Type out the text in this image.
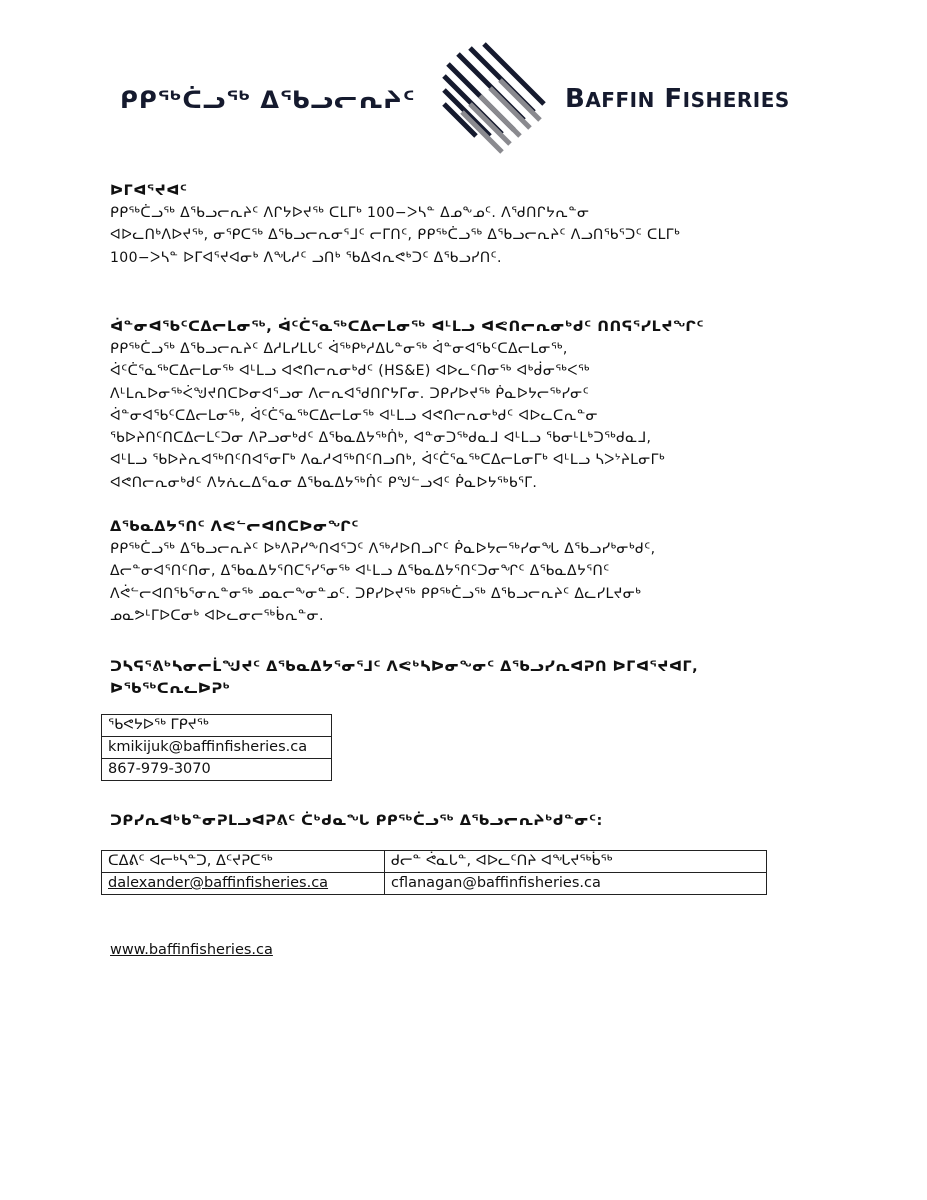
ᑭᑭᖅᑖᓗᖅ ᐃᖃᓗᓕᕆᔨᑦ	BAFFIN FISHERIES

ᐅᒥᐊᕐᔪᐊᑦ

ᑭᑭᖅᑖᓗᖅ ᐃᖃᓗᓕᕆᔨᑦ ᐱᒋᔭᐅᔪᖅ ᑕᒪᒥᒃ 100−ᐳᓴᓐ ᐃᓄᖕᓄᑦ. ᐱᖁᑎᒋᔭᕆᓐᓂ

ᐊᐅᓚᑎᒃᐱᐅᔪᖅ, ᓂᕿᑕᖅ ᐃᖃᓗᓕᕆᓂᕐᒧᑦ ᓕᒥᑎᑦ, ᑭᑭᖅᑖᓗᖅ ᐃᖃᓗᓕᕆᔨᑦ ᐱᓗᑎᖃᕐᑐᑦ ᑕᒪᒥᒃ

100−ᐳᓴᓐ ᐅᒥᐊᕐᔪᐊᓂᒃ ᐱᖓᓱᑦ ᓗᑎᒃ ᖃᐃᐊᕆᕙᒃᑐᑦ ᐃᖃᓗᓯᑎᑦ.

ᐋᓐᓂᐊᖃᑦᑕᐃᓕᒪᓂᖅ, ᐋᑦᑖᕐᓇᖅᑕᐃᓕᒪᓂᖅ ᐊᒻᒪᓗ ᐊᕙᑎᓕᕆᓂᒃᑯᑦ ᑎᑎᕋᕐᓯᒪᔪᖏᑦ

ᑭᑭᖅᑖᓗᖅ ᐃᖃᓗᓕᕆᔨᑦ ᐃᓱᒪᓯᒪᒐᑦ ᐋᖅᑭᒃᓱᐃᒐᓐᓂᖅ ᐋᓐᓂᐊᖃᑦᑕᐃᓕᒪᓂᖅ,

ᐋᑦᑖᕐᓇᖅᑕᐃᓕᒪᓂᖅ ᐊᒻᒪᓗ ᐊᕙᑎᓕᕆᓂᒃᑯᑦ (HS&E) ᐊᐅᓚᑦᑎᓂᖅ ᐊᒃᑰᓂᖅᐸᖅ

ᐱᒻᒪᕆᐅᓂᖅᐹᖑᔪᑎᑕᐅᓂᐊᕐᓗᓂ ᐱᓕᕆᐊᖁᑎᒋᔭᒥᓂ. ᑐᑭᓯᐅᔪᖅ ᑮᓇᐅᔭᓕᖅᓯᓂᑦ

ᐋᓐᓂᐊᖃᑦᑕᐃᓕᒪᓂᖅ, ᐋᑦᑖᕐᓇᖅᑕᐃᓕᒪᓂᖅ ᐊᒻᒪᓗ ᐊᕙᑎᓕᕆᓂᒃᑯᑦ ᐊᐅᓚᑕᕆᓐᓂ

ᖃᐅᔨᑎᑦᑎᑕᐃᓕᒪᑦᑐᓂ ᐱᕈᓗᓂᒃᑯᑦ ᐃᖃᓇᐃᔭᖅᑏᒃ, ᐊᓐᓂᑐᖅᑯᓇᒧ ᐊᒻᒪᓗ ᖃᓂᒻᒪᒃᑐᖅᑯᓇᒧ,

ᐊᒻᒪᓗ ᖃᐅᔨᕆᐊᖅᑎᑦᑎᐊᕐᓂᒥᒃ ᐱᓇᓱᐊᖅᑎᑦᑎᓗᑎᒃ, ᐋᑦᑖᕐᓇᖅᑕᐃᓕᒪᓂᒥᒃ ᐊᒻᒪᓗ ᓴᐳᔾᔨᒪᓂᒥᒃ

ᐊᕙᑎᓕᕆᓂᒃᑯᑦ ᐱᔭᕇᓚᐃᕐᓇᓂ ᐃᖃᓇᐃᔭᖅᑏᑦ ᑭᖑᓪᓗᐊᑦ ᑮᓇᐅᔭᖅᑲᕐᒥ.

ᐃᖃᓇᐃᔭᕐᑎᑦ ᐱᕙᓪᓕᐊᑎᑕᐅᓂᖏᑦ

ᑭᑭᖅᑖᓗᖅ ᐃᖃᓗᓕᕆᔨᑦ ᐅᒃᐱᕈᓯᖕᑎᐊᕐᑐᑦ ᐱᖅᓱᐅᑎᓗᒋᑦ ᑮᓇᐅᔭᓕᖅᓯᓂᖓ ᐃᖃᓗᓯᒃᓂᒃᑯᑦ,

ᐃᓕᓐᓂᐊᕐᑎᑦᑎᓂ, ᐃᖃᓇᐃᔭᕐᑎᑕᕐᓯᕐᓂᖅ ᐊᒻᒪᓗ ᐃᖃᓇᐃᔭᕐᑎᑦᑐᓂᖏᑦ ᐃᖃᓇᐃᔭᕐᑎᑦ

ᐱᕚᓪᓕᐊᑎᖃᕐᓂᕆᓐᓂᖅ ᓄᓇᓕᖕᓂᓐᓄᑦ. ᑐᑭᓯᐅᔪᖅ ᑭᑭᖅᑖᓗᖅ ᐃᖃᓗᓕᕆᔨᑦ ᐃᓚᓯᒪᔪᓂᒃ

ᓄᓇᕗᒻᒥᐅᑕᓂᒃ ᐊᐅᓚᓂᓕᖅᑳᕆᓐᓂ.

ᑐᓴᕋᕐᕕᒃᓴᓂᓕᒫᖑᔪᑦ ᐃᖃᓇᐃᔭᕐᓂᕐᒧᑦ ᐱᕙᒃᓴᐅᓂᖕᓂᑦ ᐃᖃᓗᓯᕆᐊᕈᑎ ᐅᒥᐊᕐᔪᐊᒥ,

ᐅᖃᖅᑕᕆᓚᐅᕈᒃ

ᖃᕙᔭᐅᖅ ᒥᑭᔪᖅ
kmikijuk@baffinfisheries.ca
867-979-3070

ᑐᑭᓯᕆᐊᒃᑲᓐᓂᕈᒪᓗᐊᕈᕕᑦ ᑖᒃᑯᓇᖓ ᑭᑭᖅᑖᓗᖅ ᐃᖃᓗᓕᕆᔨᒃᑯᓐᓂᑦ:

ᑕᐃᕕᑦ ᐊᓕᒃᓴᓐᑐ, ᐃᑦᔪᕈᑕᖅ	ᑯᓕᓐ ᕚᓇᒐᓐ, ᐊᐅᓚᑦᑎᔨ ᐊᖓᔪᖅᑳᖅ
dalexander@baffinfisheries.ca	cflanagan@baffinfisheries.ca
www.baffinfisheries.ca
